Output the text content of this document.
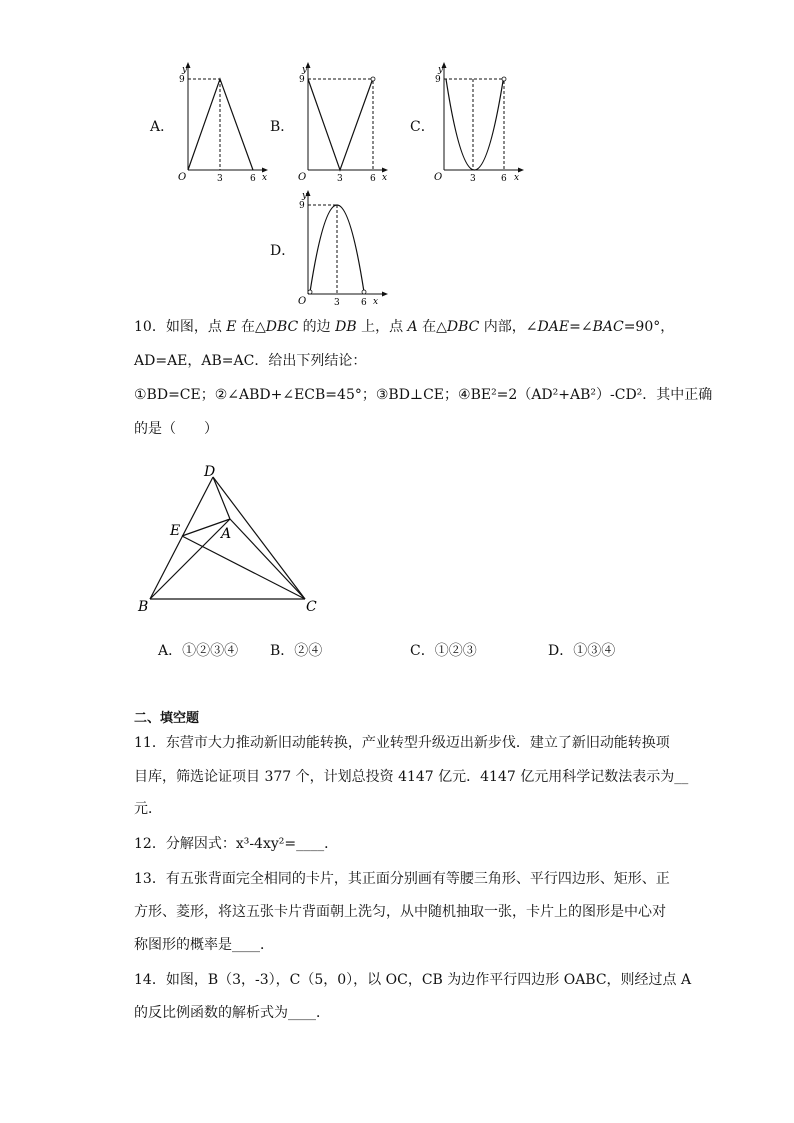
A．	B．	C．
D．
y
9
O	3	6 x
y
9
O	3	6 x
y
9
O	3	6 x
y
9
O	3 6 x
10．如图，点 E 在△DBC 的边 DB 上，点 A 在△DBC 内部，∠DAE=∠BAC=90°，
AD=AE，AB=AC．给出下列结论：
①BD=CE；②∠ABD+∠ECB=45°；③BD⊥CE；④BE²=2（AD²+AB²）-CD²．其中正确
的是（　　）
D
E	A
B	C
A．①②③④ B．②④	C．①②③	D．①③④
二、填空题
11．东营市大力推动新旧动能转换，产业转型升级迈出新步伐．建立了新旧动能转换项
目库，筛选论证项目 377 个，计划总投资 4147 亿元．4147 亿元用科学记数法表示为__
元．
12．分解因式：x³-4xy²=____．
13．有五张背面完全相同的卡片，其正面分别画有等腰三角形、平行四边形、矩形、正
方形、菱形，将这五张卡片背面朝上洗匀，从中随机抽取一张，卡片上的图形是中心对
称图形的概率是____．
14．如图，B（3，-3），C（5，0），以 OC，CB 为边作平行四边形 OABC，则经过点 A
的反比例函数的解析式为____．
